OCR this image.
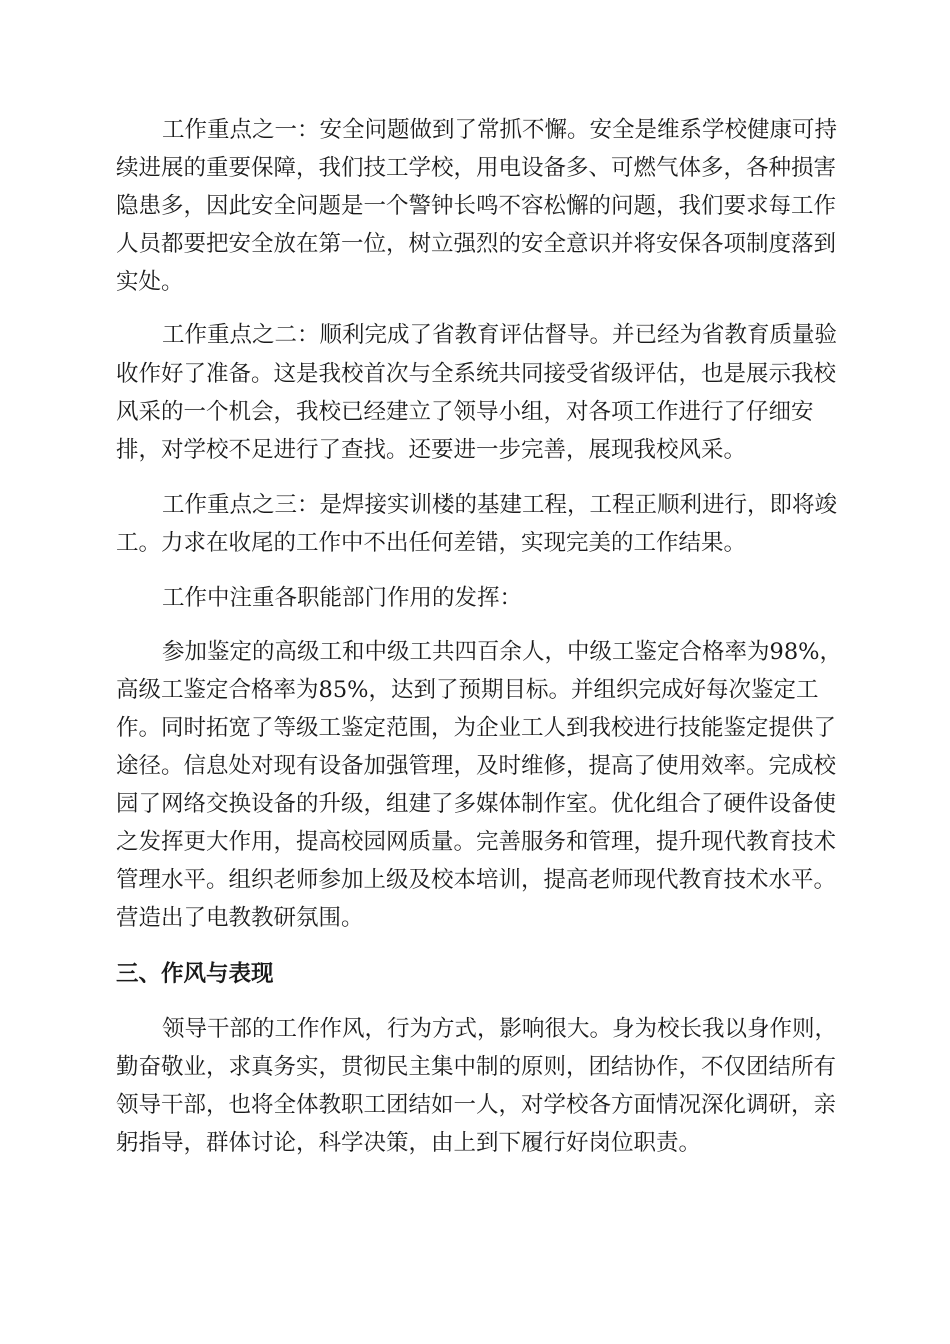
工作重点之一：安全问题做到了常抓不懈。安全是维系学校健康可持

续进展的重要保障，我们技工学校，用电设备多、可燃气体多，各种损害

隐患多，因此安全问题是一个警钟长鸣不容松懈的问题，我们要求每工作

人员都要把安全放在第一位，树立强烈的安全意识并将安保各项制度落到

实处。

工作重点之二：顺利完成了省教育评估督导。并已经为省教育质量验

收作好了准备。这是我校首次与全系统共同接受省级评估，也是展示我校

风采的一个机会，我校已经建立了领导小组，对各项工作进行了仔细安

排，对学校不足进行了查找。还要进一步完善，展现我校风采。

工作重点之三：是焊接实训楼的基建工程，工程正顺利进行，即将竣

工。力求在收尾的工作中不出任何差错，实现完美的工作结果。

工作中注重各职能部门作用的发挥：

参加鉴定的高级工和中级工共四百余人，中级工鉴定合格率为98%，

高级工鉴定合格率为85%，达到了预期目标。并组织完成好每次鉴定工

作。同时拓宽了等级工鉴定范围，为企业工人到我校进行技能鉴定提供了

途径。信息处对现有设备加强管理，及时维修，提高了使用效率。完成校

园了网络交换设备的升级，组建了多媒体制作室。优化组合了硬件设备使

之发挥更大作用，提高校园网质量。完善服务和管理，提升现代教育技术

管理水平。组织老师参加上级及校本培训，提高老师现代教育技术水平。

营造出了电教教研氛围。

三、作风与表现

领导干部的工作作风，行为方式，影响很大。身为校长我以身作则，

勤奋敬业，求真务实，贯彻民主集中制的原则，团结协作，不仅团结所有

领导干部，也将全体教职工团结如一人，对学校各方面情况深化调研，亲

躬指导，群体讨论，科学决策，由上到下履行好岗位职责。
